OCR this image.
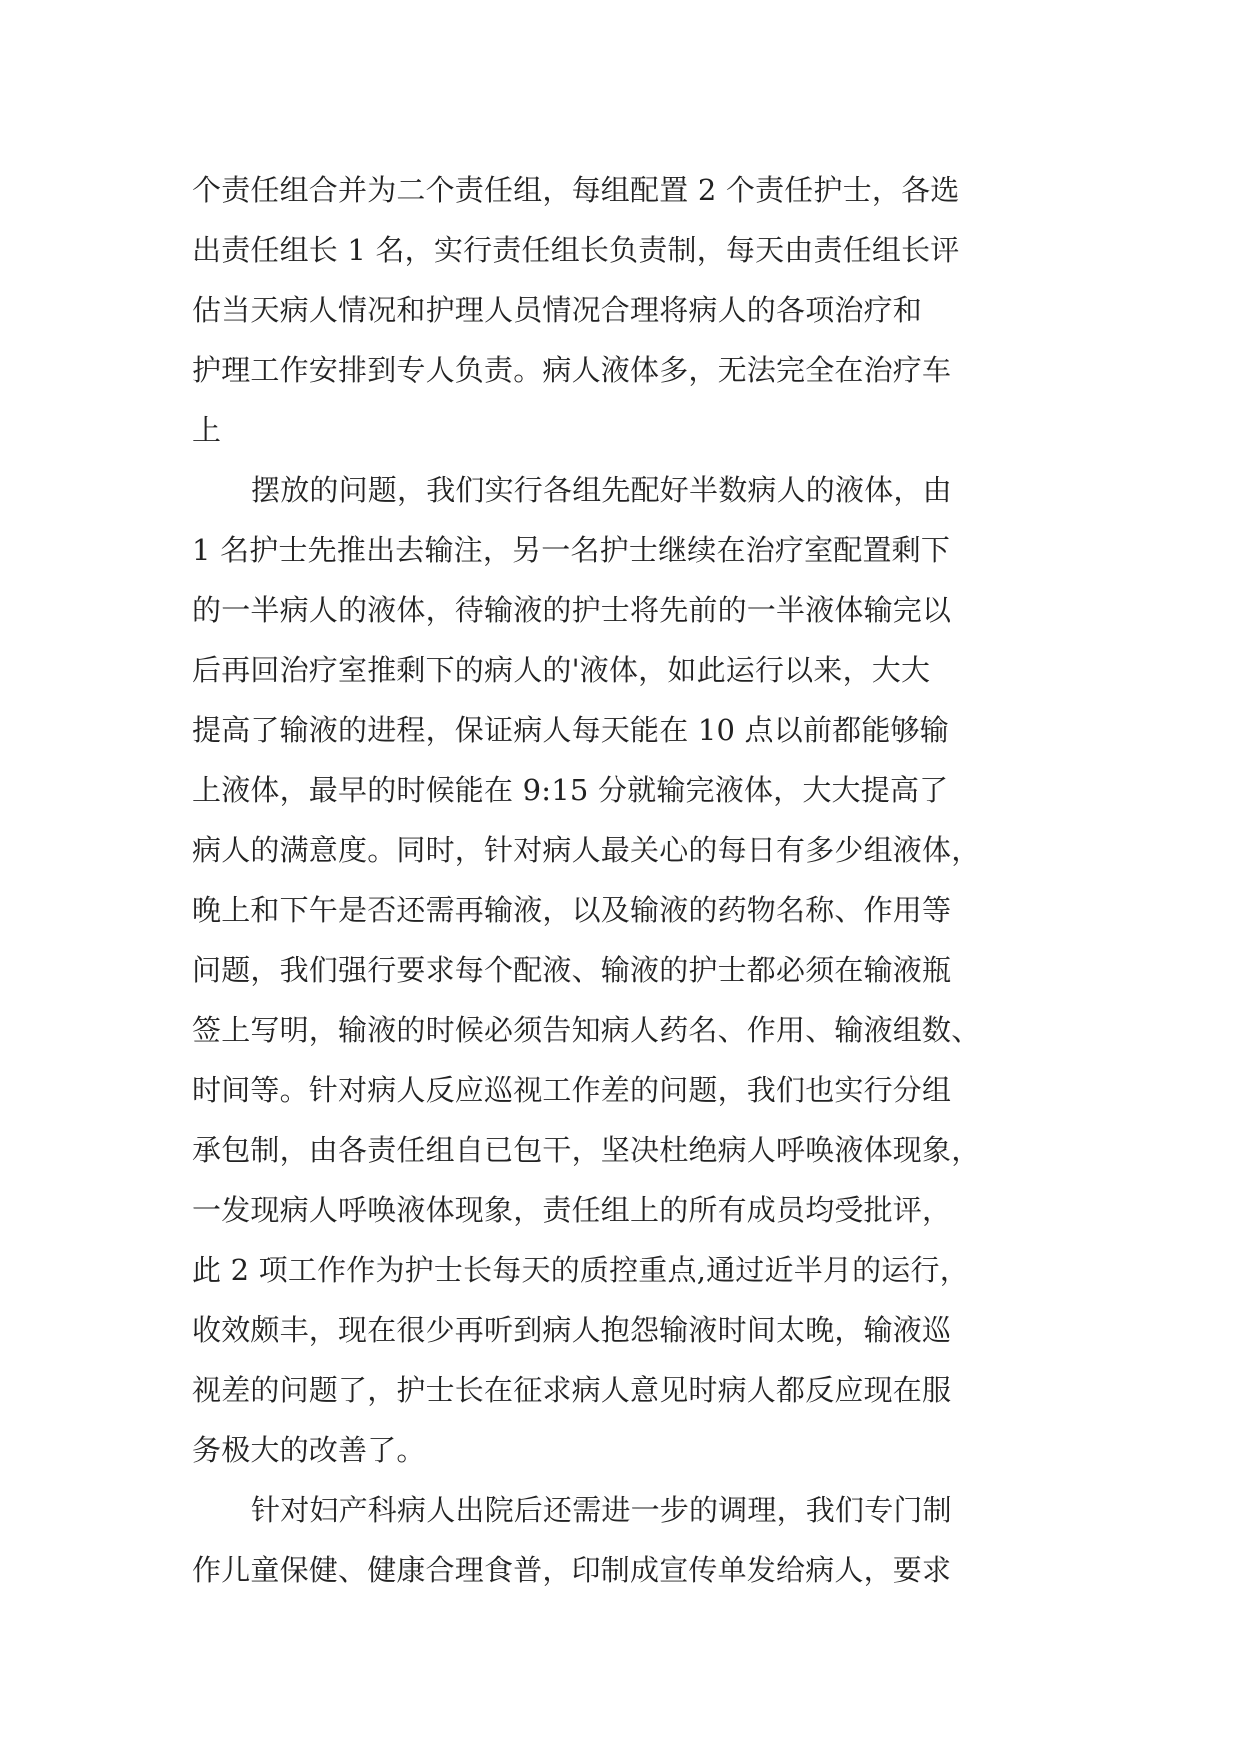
个责任组合并为二个责任组，每组配置 2 个责任护士，各选
出责任组长 1 名，实行责任组长负责制，每天由责任组长评
估当天病人情况和护理人员情况合理将病人的各项治疗和
护理工作安排到专人负责。病人液体多，无法完全在治疗车
上
摆放的问题，我们实行各组先配好半数病人的液体，由
1 名护士先推出去输注，另一名护士继续在治疗室配置剩下
的一半病人的液体，待输液的护士将先前的一半液体输完以
后再回治疗室推剩下的病人的'液体，如此运行以来，大大
提高了输液的进程，保证病人每天能在 10 点以前都能够输
上液体，最早的时候能在 9:15 分就输完液体，大大提高了
病人的满意度。同时，针对病人最关心的每日有多少组液体，
晚上和下午是否还需再输液，以及输液的药物名称、作用等
问题，我们强行要求每个配液、输液的护士都必须在输液瓶
签上写明，输液的时候必须告知病人药名、作用、输液组数、
时间等。针对病人反应巡视工作差的问题，我们也实行分组
承包制，由各责任组自已包干，坚决杜绝病人呼唤液体现象，
一发现病人呼唤液体现象，责任组上的所有成员均受批评，
此 2 项工作作为护士长每天的质控重点,通过近半月的运行，
收效颇丰，现在很少再听到病人抱怨输液时间太晚，输液巡
视差的问题了，护士长在征求病人意见时病人都反应现在服
务极大的改善了。
针对妇产科病人出院后还需进一步的调理，我们专门制
作儿童保健、健康合理食普，印制成宣传单发给病人，要求
